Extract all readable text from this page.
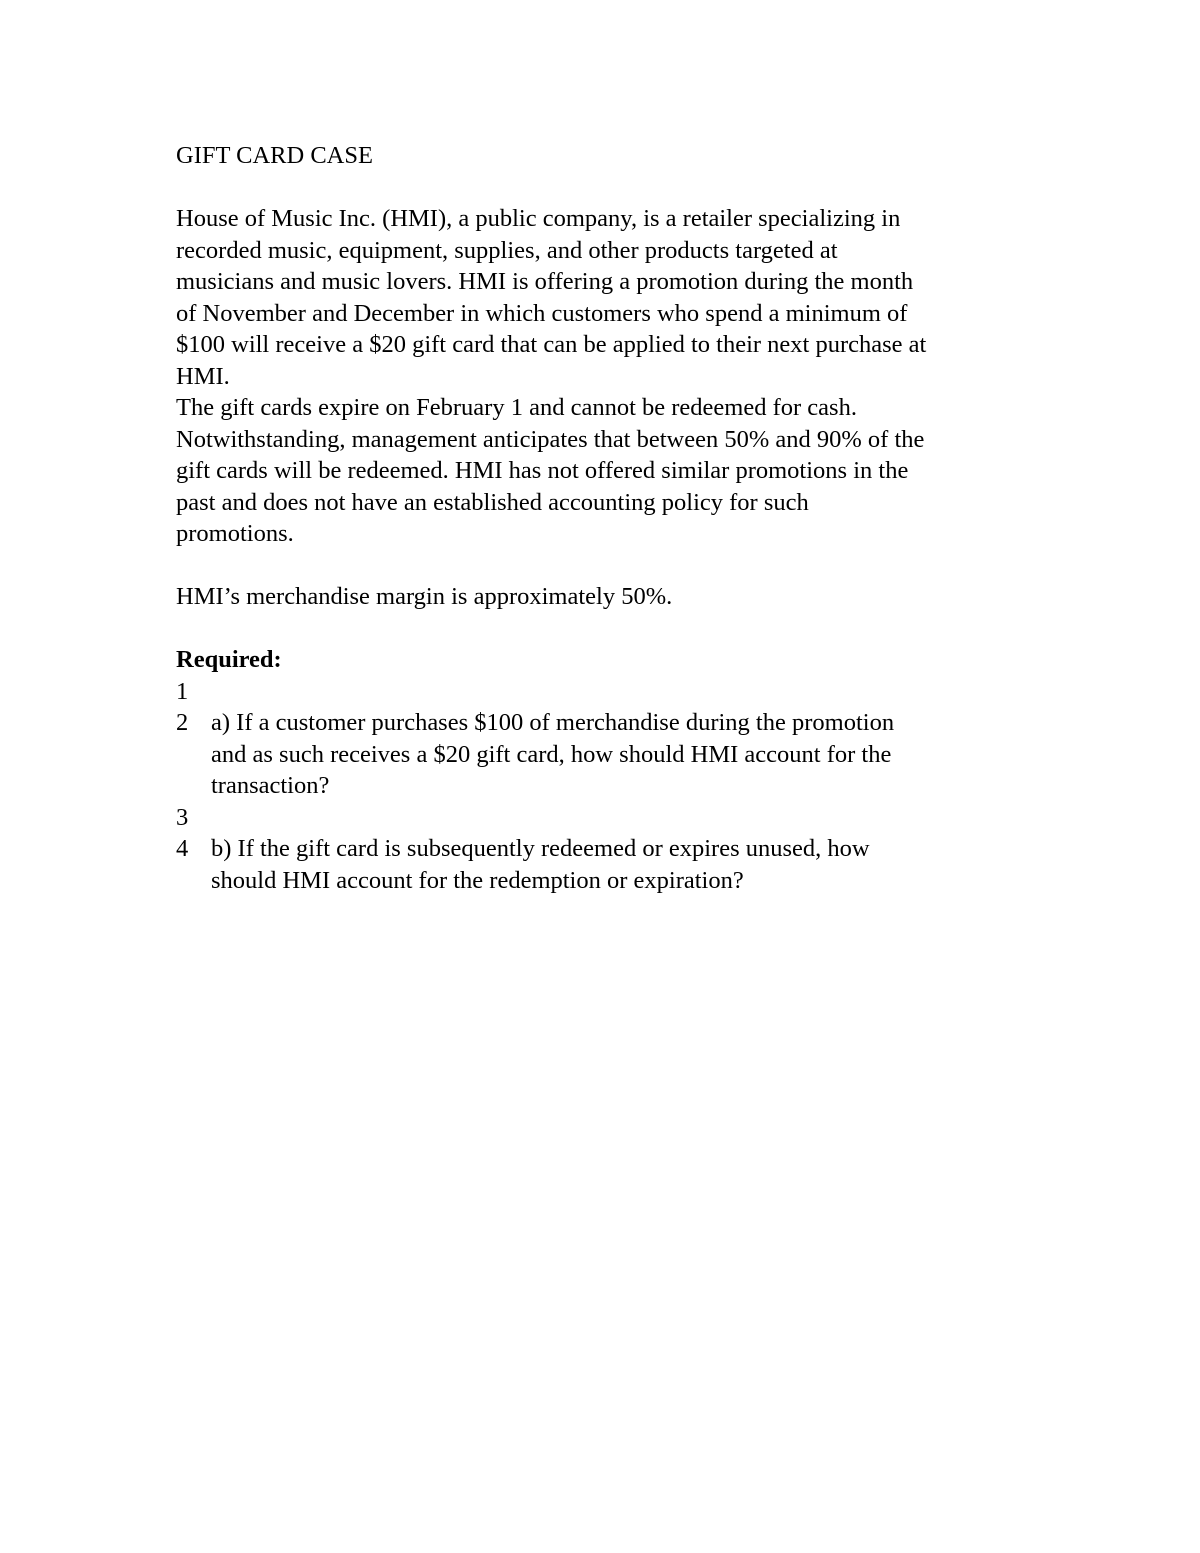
GIFT CARD CASE
House of Music Inc. (HMI), a public company, is a retailer specializing in
recorded music, equipment, supplies, and other products targeted at
musicians and music lovers. HMI is offering a promotion during the month
of November and December in which customers who spend a minimum of
$100 will receive a $20 gift card that can be applied to their next purchase at
HMI.
The gift cards expire on February 1 and cannot be redeemed for cash.
Notwithstanding, management anticipates that between 50% and 90% of the
gift cards will be redeemed. HMI has not offered similar promotions in the
past and does not have an established accounting policy for such
promotions.
HMI’s merchandise margin is approximately 50%.
Required:
1
2 a) If a customer purchases $100 of merchandise during the promotion
and as such receives a $20 gift card, how should HMI account for the
transaction?
3
4 b) If the gift card is subsequently redeemed or expires unused, how
should HMI account for the redemption or expiration?
